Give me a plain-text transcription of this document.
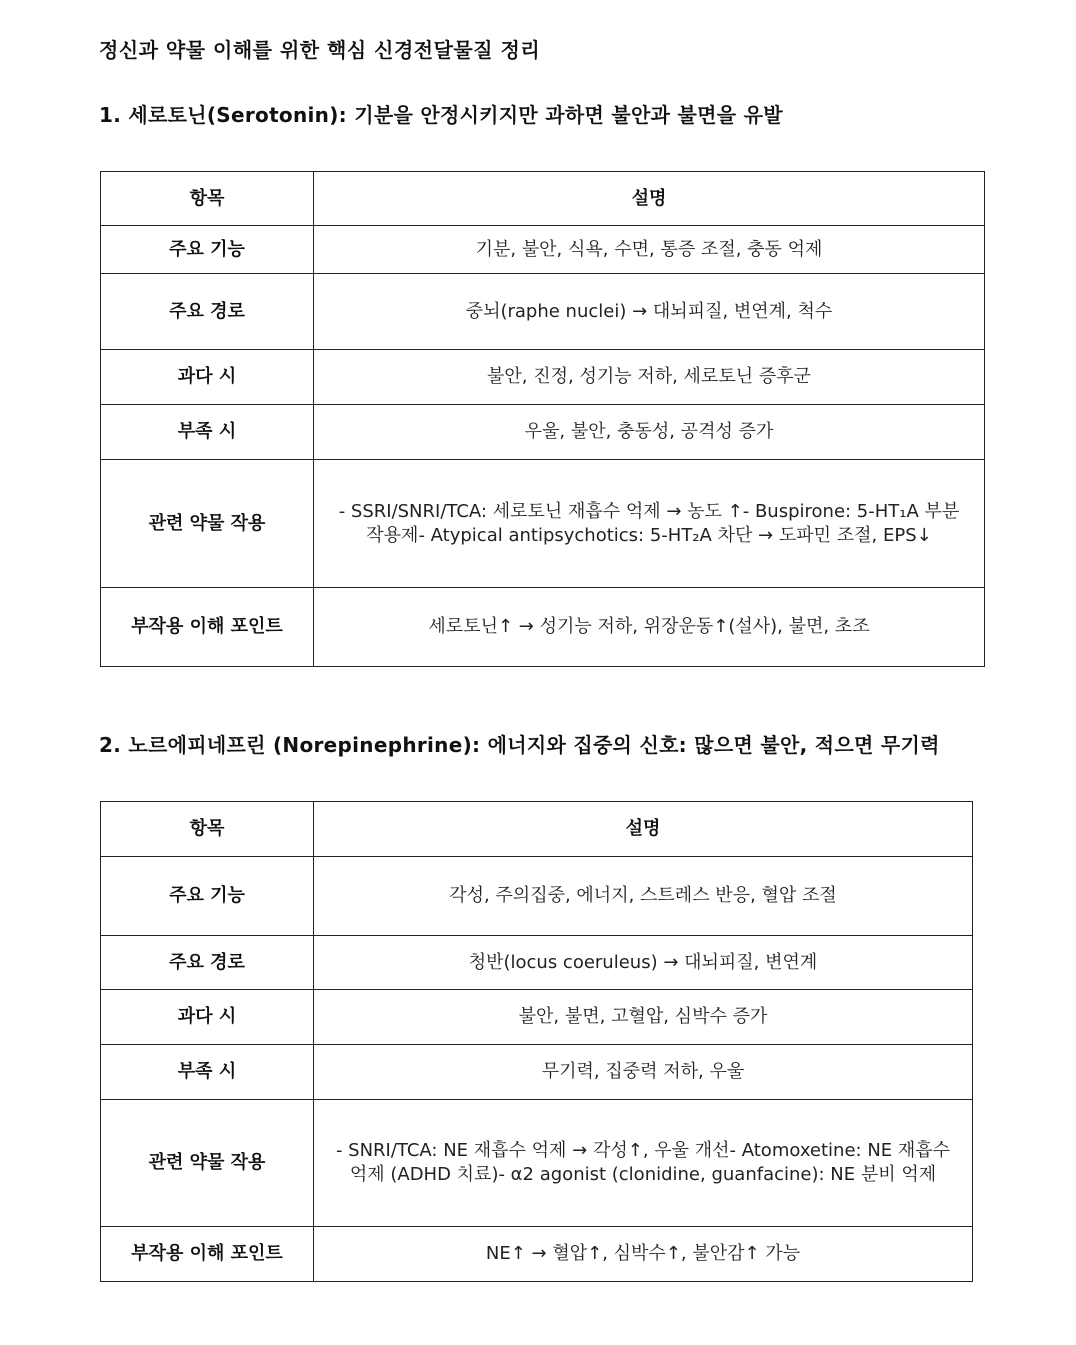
정신과 약물 이해를 위한 핵심 신경전달물질 정리
1. 세로토닌(Serotonin): 기분을 안정시키지만 과하면 불안과 불면을 유발
항목	설명
주요 기능	기분, 불안, 식욕, 수면, 통증 조절, 충동 억제
주요 경로	중뇌(raphe nuclei) → 대뇌피질, 변연계, 척수
과다 시	불안, 진정, 성기능 저하, 세로토닌 증후군
부족 시	우울, 불안, 충동성, 공격성 증가
관련 약물 작용	- SSRI/SNRI/TCA: 세로토닌 재흡수 억제 → 농도 ↑- Buspirone: 5-HT₁A 부분 작용제- Atypical antipsychotics: 5-HT₂A 차단 → 도파민 조절, EPS↓
부작용 이해 포인트	세로토닌↑ → 성기능 저하, 위장운동↑(설사), 불면, 초조
2. 노르에피네프린 (Norepinephrine): 에너지와 집중의 신호: 많으면 불안, 적으면 무기력
항목	설명
주요 기능	각성, 주의집중, 에너지, 스트레스 반응, 혈압 조절
주요 경로	청반(locus coeruleus) → 대뇌피질, 변연계
과다 시	불안, 불면, 고혈압, 심박수 증가
부족 시	무기력, 집중력 저하, 우울
관련 약물 작용	- SNRI/TCA: NE 재흡수 억제 → 각성↑, 우울 개선- Atomoxetine: NE 재흡수 억제 (ADHD 치료)- α2 agonist (clonidine, guanfacine): NE 분비 억제
부작용 이해 포인트	NE↑ → 혈압↑, 심박수↑, 불안감↑ 가능
